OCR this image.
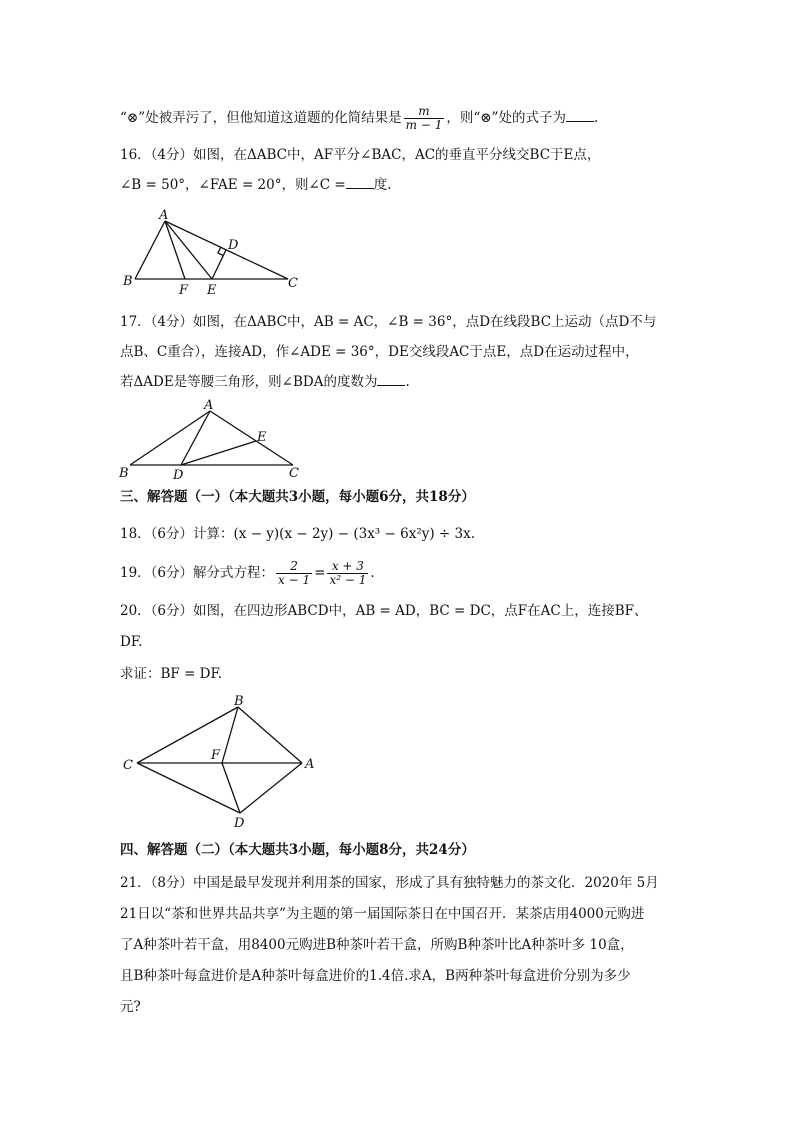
“⊗”处被弄污了，但他知道这道题的化简结果是 $\frac{m}{m - 1}$ ，则“⊗”处的式子为 .
16．（4分）如图，在ΔABC中，AF平分∠BAC，AC的垂直平分线交BC于E点，
∠B = 50°，∠FAE = 20°，则∠C = 度.
A
B	C
D
E
F
17．（4分）如图，在ΔABC中，AB = AC，∠B = 36°，点D在线段BC上运动（点D不与
点B、C重合），连接AD，作∠ADE = 36°，DE交线段AC于点E，点D在运动过程中，
若ΔADE是等腰三角形，则∠BDA的度数为 .
A
B	C
D
E
三、解答题（一）（本大题共3小题，每小题6分，共18分）
18．（6分）计算：(x − y)(x − 2y) − (3x³ − 6x²y) ÷ 3x.
19．（6分）解分式方程： $\frac{2}{x - 1} = \frac{x + 3}{\text{x² − 1}}$ .
20．（6分）如图，在四边形ABCD中，AB = AD，BC = DC，点F在AC上，连接BF、
DF.
求证：BF = DF.
A
B
C
D
F
四、解答题（二）（本大题共3小题，每小题8分，共24分）
21．（8分）中国是最早发现并利用茶的国家，形成了具有独特魅力的茶文化．2020年 5月
21日以“茶和世界共品共享”为主题的第一届国际茶日在中国召开．某茶店用4000元购进
了A种茶叶若干盒，用8400元购进B种茶叶若干盒，所购B种茶叶比A种茶叶多 10盒，
且B种茶叶每盒进价是A种茶叶每盒进价的1.4倍.求A，B两种茶叶每盒进价分别为多少
元?
